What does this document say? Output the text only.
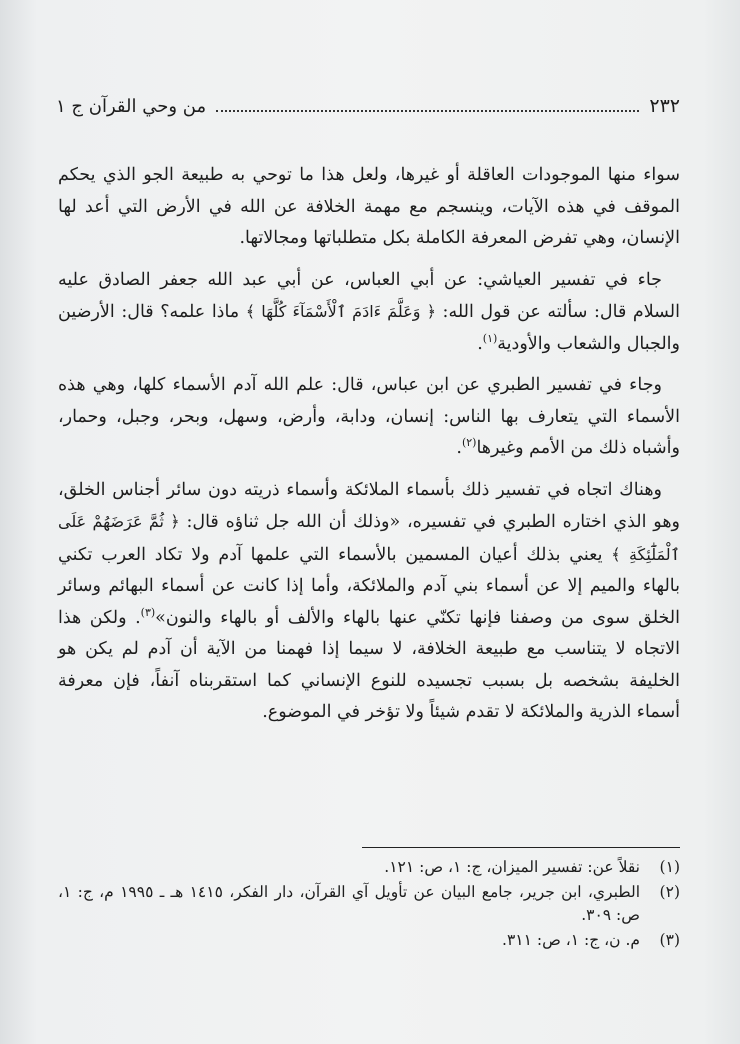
٢٣٢
من وحي القرآن ج ١

سواء منها الموجودات العاقلة أو غيرها، ولعل هذا ما توحي به طبيعة الجو الذي يحكم الموقف في هذه الآيات، وينسجم مع مهمة الخلافة عن الله في الأرض التي أعد لها الإنسان، وهي تفرض المعرفة الكاملة بكل متطلباتها ومجالاتها.

جاء في تفسير العياشي: عن أبي العباس، عن أبي عبد الله جعفر الصادق عليه السلام قال: سألته عن قول الله: ﴿ وَعَلَّمَ ءَادَمَ ٱلْأَسْمَآءَ كُلَّهَا ﴾ ماذا علمه؟ قال: الأرضين والجبال والشعاب والأودية$^{(١)}$.

وجاء في تفسير الطبري عن ابن عباس، قال: علم الله آدم الأسماء كلها، وهي هذه الأسماء التي يتعارف بها الناس: إنسان، ودابة، وأرض، وسهل، وبحر، وجبل، وحمار، وأشباه ذلك من الأمم وغيرها$^{(٢)}$.

وهناك اتجاه في تفسير ذلك بأسماء الملائكة وأسماء ذريته دون سائر أجناس الخلق، وهو الذي اختاره الطبري في تفسيره، «وذلك أن الله جل ثناؤه قال: ﴿ ثُمَّ عَرَضَهُمْ عَلَى ٱلْمَلَٰٓئِكَةِ ﴾ يعني بذلك أعيان المسمين بالأسماء التي علمها آدم ولا تكاد العرب تكني بالهاء والميم إلا عن أسماء بني آدم والملائكة، وأما إذا كانت عن أسماء البهائم وسائر الخلق سوى من وصفنا فإنها تكنّي عنها بالهاء والألف أو بالهاء والنون»$^{(٣)}$. ولكن هذا الاتجاه لا يتناسب مع طبيعة الخلافة، لا سيما إذا فهمنا من الآية أن آدم لم يكن هو الخليفة بشخصه بل بسبب تجسيده للنوع الإنساني كما استقربناه آنفاً، فإن معرفة أسماء الذرية والملائكة لا تقدم شيئاً ولا تؤخر في الموضوع.

(١)
نقلاً عن: تفسير الميزان، ج: ١، ص: ١٢١.
(٢)
الطبري، ابن جرير، جامع البيان عن تأويل آي القرآن، دار الفكر، ١٤١٥ هـ ـ ١٩٩٥ م، ج: ١، ص: ٣٠٩.
(٣)
م. ن، ج: ١، ص: ٣١١.
